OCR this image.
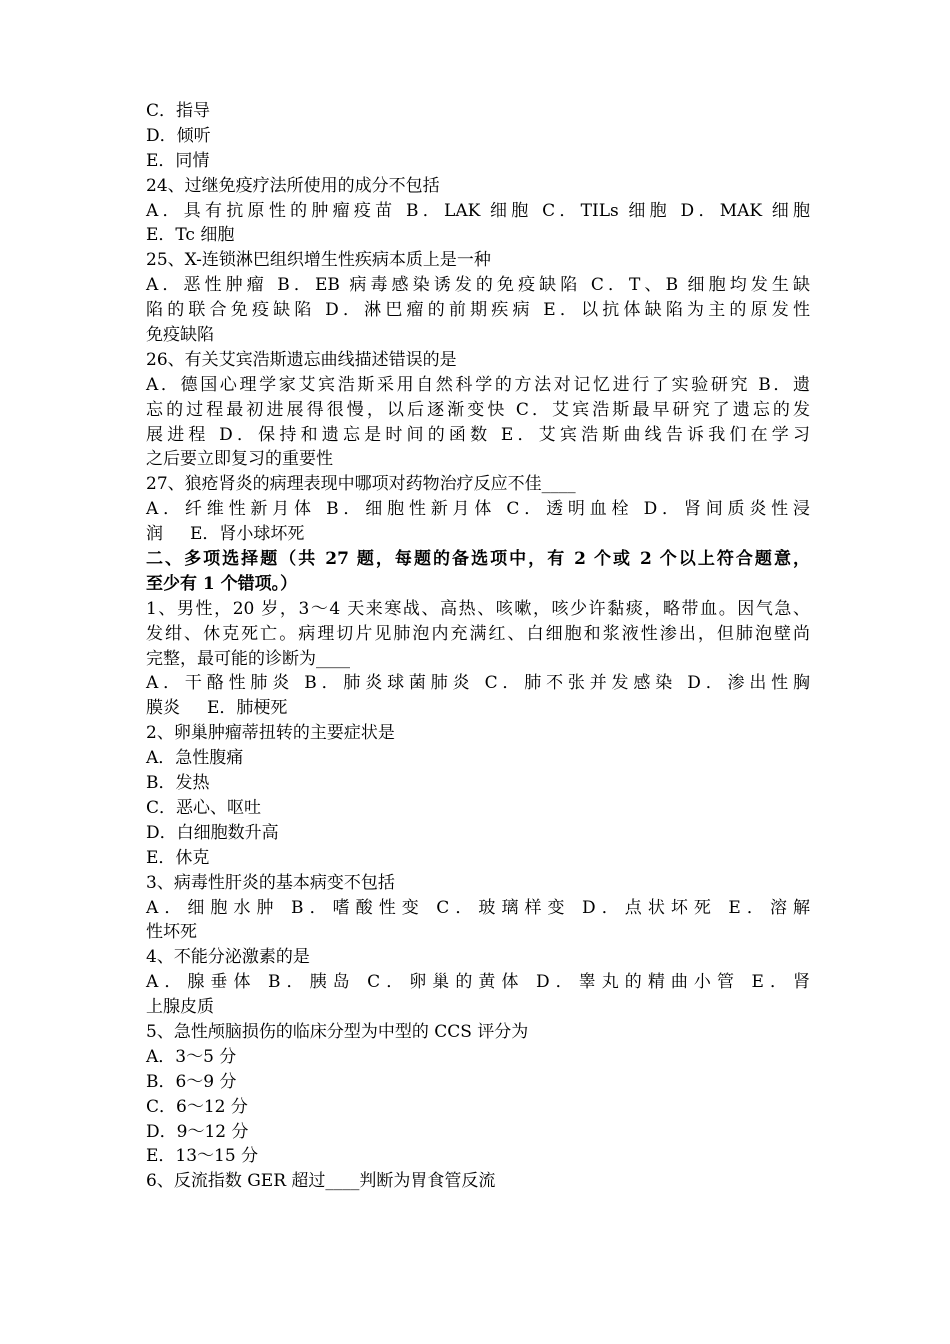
C．指导
D．倾听
E．同情
24、过继免疫疗法所使用的成分不包括
A．具有抗原性的肿瘤疫苗 B．LAK 细胞 C．TILs 细胞 D．MAK 细胞
E．Tc 细胞
25、X-连锁淋巴组织增生性疾病本质上是一种
A．恶性肿瘤 B．EB 病毒感染诱发的免疫缺陷 C．T、B 细胞均发生缺
陷的联合免疫缺陷 D．淋巴瘤的前期疾病 E．以抗体缺陷为主的原发性
免疫缺陷
26、有关艾宾浩斯遗忘曲线描述错误的是
A．德国心理学家艾宾浩斯采用自然科学的方法对记忆进行了实验研究 B．遗
忘的过程最初进展得很慢，以后逐渐变快 C．艾宾浩斯最早研究了遗忘的发
展进程 D．保持和遗忘是时间的函数 E．艾宾浩斯曲线告诉我们在学习
之后要立即复习的重要性
27、狼疮肾炎的病理表现中哪项对药物治疗反应不佳____
A．纤维性新月体 B．细胞性新月体 C．透明血栓 D．肾间质炎性浸
润     E．肾小球坏死
二、多项选择题（共 27 题，每题的备选项中，有 2 个或 2 个以上符合题意，
至少有 1 个错项。）
1、男性，20 岁，3～4 天来寒战、高热、咳嗽，咳少许黏痰，略带血。因气急、
发绀、休克死亡。病理切片见肺泡内充满红、白细胞和浆液性渗出，但肺泡壁尚
完整，最可能的诊断为____
A．干酪性肺炎 B．肺炎球菌肺炎 C．肺不张并发感染 D．渗出性胸
膜炎     E．肺梗死
2、卵巢肿瘤蒂扭转的主要症状是
A．急性腹痛
B．发热
C．恶心、呕吐
D．白细胞数升高
E．休克
3、病毒性肝炎的基本病变不包括
A．细胞水肿 B．嗜酸性变 C．玻璃样变 D．点状坏死 E．溶解
性坏死
4、不能分泌激素的是
A．腺垂体 B．胰岛 C．卵巢的黄体 D．睾丸的精曲小管 E．肾
上腺皮质
5、急性颅脑损伤的临床分型为中型的 CCS 评分为
A．3～5 分
B．6～9 分
C．6～12 分
D．9～12 分
E．13～15 分
6、反流指数 GER 超过____判断为胃食管反流
